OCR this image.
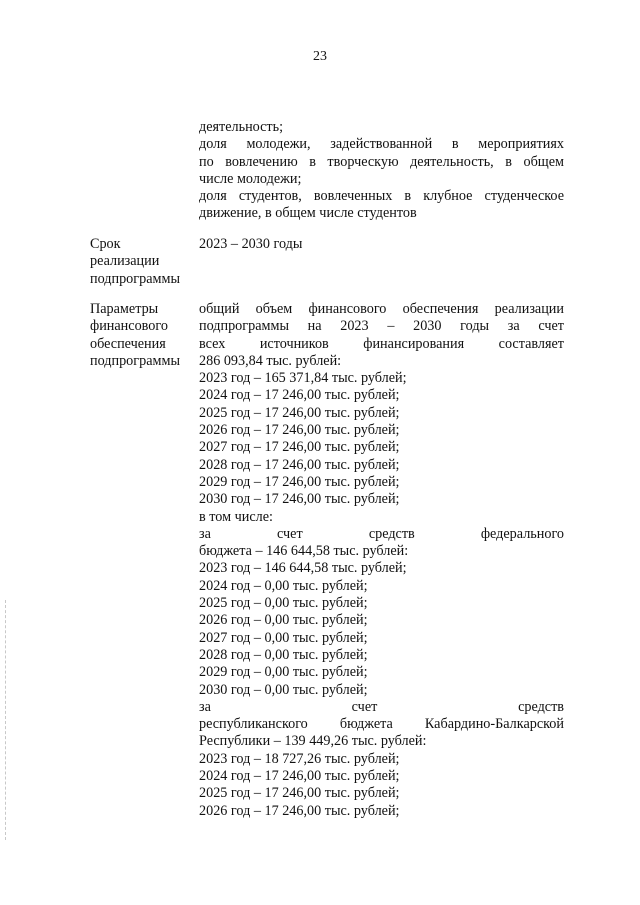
23
деятельность;
доля молодежи, задействованной в мероприятиях
по вовлечению в творческую деятельность, в общем
числе молодежи;
доля студентов, вовлеченных в клубное студенческое
движение, в общем числе студентов
Срок
реализации
подпрограммы
2023 – 2030 годы
Параметры
финансового
обеспечения
подпрограммы
общий объем финансового обеспечения реализации
подпрограммы на 2023 – 2030 годы за счет
всех источников финансирования составляет
286 093,84 тыс. рублей:
2023 год – 165 371,84 тыс. рублей;
2024 год – 17 246,00 тыс. рублей;
2025 год – 17 246,00 тыс. рублей;
2026 год – 17 246,00 тыс. рублей;
2027 год – 17 246,00 тыс. рублей;
2028 год – 17 246,00 тыс. рублей;
2029 год – 17 246,00 тыс. рублей;
2030 год – 17 246,00 тыс. рублей;
в том числе:
за счет средств федерального
бюджета – 146 644,58 тыс. рублей:
2023 год – 146 644,58 тыс. рублей;
2024 год – 0,00 тыс. рублей;
2025 год – 0,00 тыс. рублей;
2026 год – 0,00 тыс. рублей;
2027 год – 0,00 тыс. рублей;
2028 год – 0,00 тыс. рублей;
2029 год – 0,00 тыс. рублей;
2030 год – 0,00 тыс. рублей;
за счет средств
республиканского бюджета Кабардино-Балкарской
Республики – 139 449,26 тыс. рублей:
2023 год – 18 727,26 тыс. рублей;
2024 год – 17 246,00 тыс. рублей;
2025 год – 17 246,00 тыс. рублей;
2026 год – 17 246,00 тыс. рублей;
